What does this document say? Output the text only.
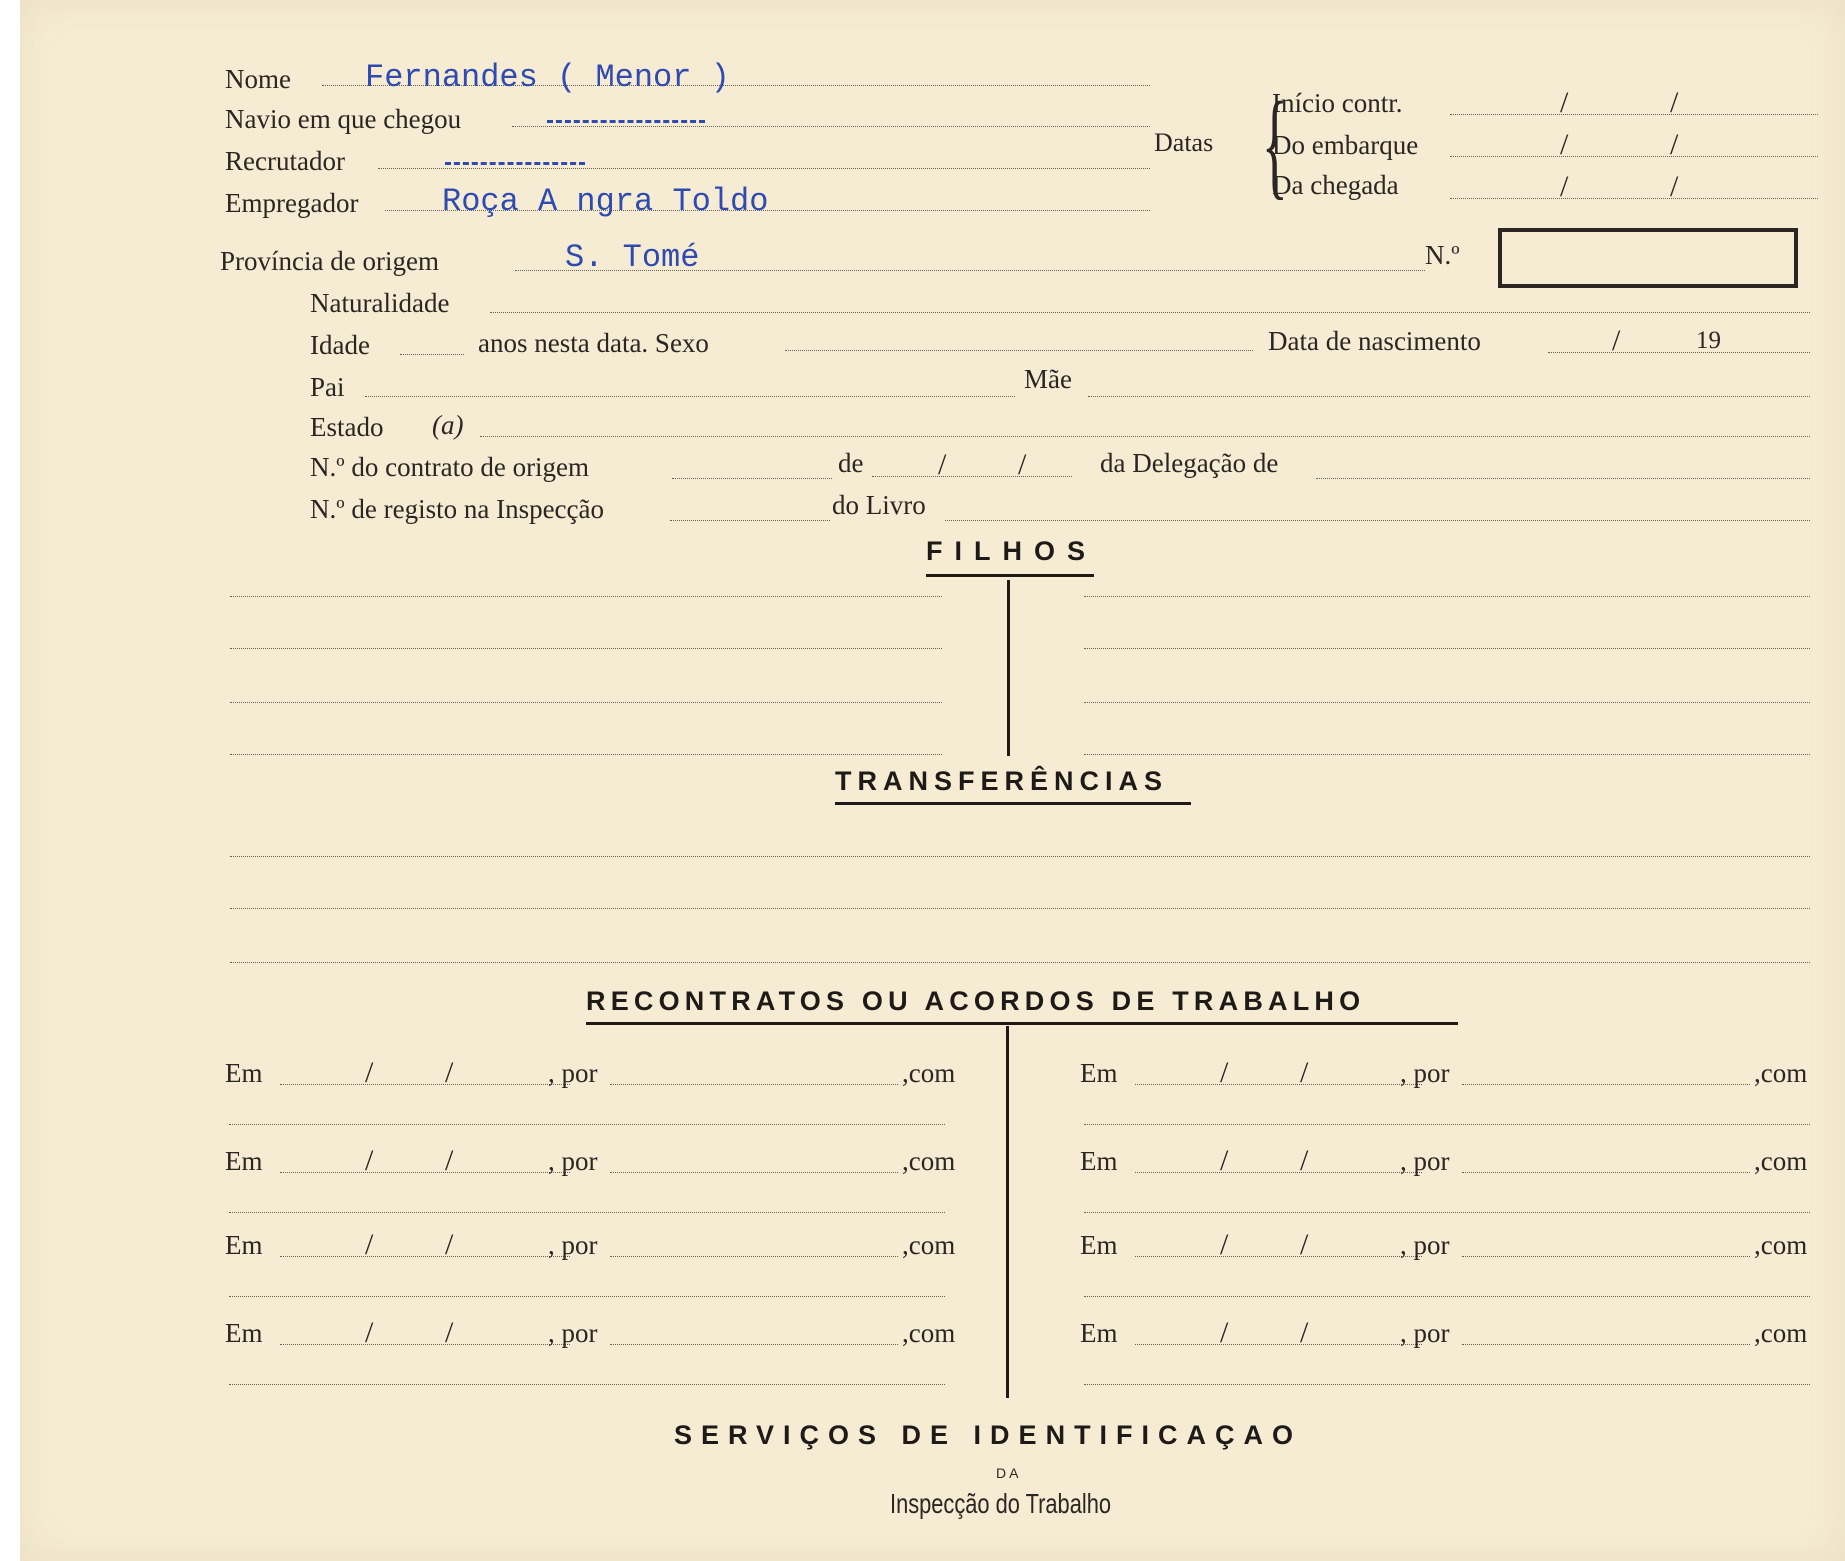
Nome Fernandes ( Menor )
Navio em que chegou
Recrutador
Empregador	Roça A ngra Toldo
Datas {
Início contr.	/	/
Do embarque	/	/
Da chegada	/	/
Província de origem	S. Tomé	N.º
Naturalidade
Idade	anos nesta data. Sexo	Data de nascimento	/	19
Pai	Mãe
Estado (a)
N.º do contrato de origem	de / /	da Delegação de
N.º de registo na Inspecção	do Livro
FILHOS
TRANSFERÊNCIAS
RECONTRATOS OU ACORDOS DE TRABALHO
SERVIÇOS DE IDENTIFICAÇAO
DA
Inspecção do Trabalho
Em	/ /	, por	,com
Em	/ /	, por	,com
Em	/ /	, por	,com
Em	/ /	, por	,com
Em	/ /	, por	,com
Em	/ /	, por	,com
Em	/ /	, por	,com
Em	/ /	, por	,com
